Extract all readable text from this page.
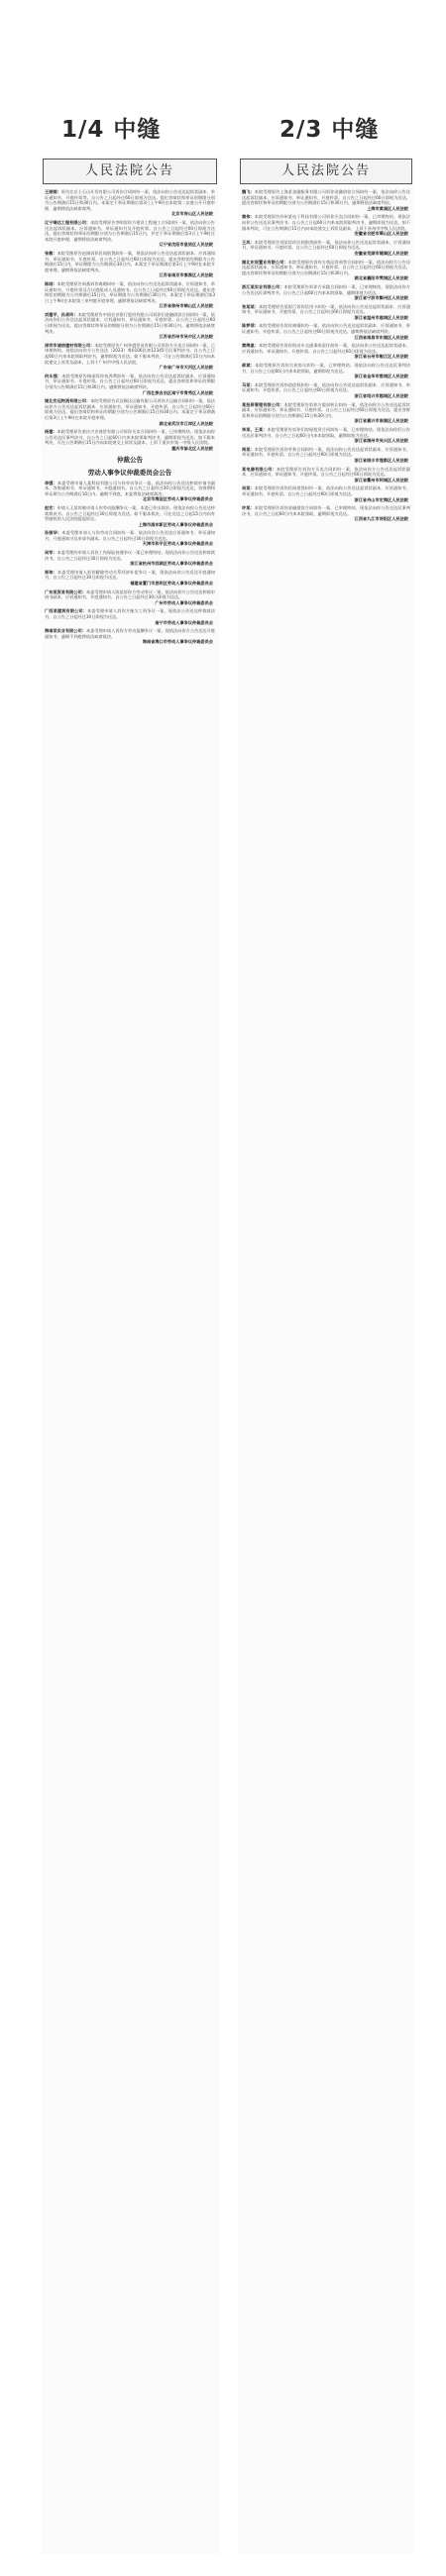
1/4 中缝	2/3 中缝
人民法院公告
王丽娟：原告北京土石山开发有限公司诉你合同纠纷一案，依法向你公告送达起诉状副本、举证通知书、开庭传票等。自公告之日起经过60日即视为送达。提出答辩状和举证的期限分别为公告期满后15日和30日内。本案定于举证期满后第3日上午9时在本院第二法庭公开开庭审理，逾期将依法缺席裁判。
北京市房山区人民法院
辽宁瑞达工程有限公司：本院受理原告李明诉你方建设工程施工合同纠纷一案，依法向你公告送达起诉状副本、应诉通知书、举证通知书及开庭传票。自公告之日起经过60日即视为送达。提出答辩状和举证的期限分别为公告期满后15日内，并定于举证期满后第3日上午9时在本院开庭审理，逾期将依法缺席判决。
辽宁省沈阳市皇姑区人民法院
张敏：本院受理原告赵刚诉你民间借贷纠纷一案，现依法向你公告送达起诉状副本、应诉通知书、举证通知书、开庭传票。自公告之日起经过60日即视为送达。提出答辩状的期限为公告期满后15日内，举证期限为公告期满后30日内。本案定于举证期满后第3日上午9时在本院开庭审理，逾期将依法缺席判决。
江苏省南京市秦淮区人民法院
陈刚：本院受理原告周燕诉你离婚纠纷一案，依法向你公告送达起诉状副本、应诉通知书、举证通知书、开庭传票及合议庭组成人员通知书。自公告之日起经过60日即视为送达。提出答辩状的期限为公告期满后15日内，举证期限为公告期满后30日内。本案定于举证期满后第3日上午9时在本院第三审判庭开庭审理，逾期将依法缺席判决。
江苏省徐州市铜山区人民法院
刘建平、孙美玲：本院受理原告中国农业银行股份有限公司诉你们金融借款合同纠纷一案，依法向你们公告送达起诉状副本、应诉通知书、举证通知书、开庭传票。自公告之日起经过60日即视为送达。提出答辩状和举证的期限分别为公告期满后15日和30日内。逾期将依法缺席判决。
江苏省苏州市吴中区人民法院
深圳市诚信建材有限公司：本院受理原告广州华盛贸易有限公司诉你方买卖合同纠纷一案，已审理终结。现依法向你方公告送达（2023）粤0106民初12345号民事判决书。自公告之日起60日内来本院领取判决书，逾期即视为送达。如不服本判决，可在公告期满后15日内向本院递交上诉状及副本，上诉于广州市中级人民法院。
广东省广州市天河区人民法院
何永强：本院受理原告杨丽诉你抚养费纠纷一案，依法向你公告送达起诉状副本、应诉通知书、举证通知书、开庭传票。自公告之日起经过60日即视为送达。提出答辩状和举证的期限分别为公告期满后15日和30日内。逾期将依法缺席判决。
广西壮族自治区南宁市青秀区人民法院
湖北宏远物流有限公司：本院受理原告武汉顺达运输有限公司诉你方运输合同纠纷一案，依法向你方公告送达起诉状副本、应诉通知书、举证通知书、开庭传票。自公告之日起经过60日即视为送达。提出答辩状和举证的期限分别为公告期满后15日和30日内。本案定于举证期满后第3日上午9时在本院开庭审理。
湖北省武汉市江岸区人民法院
杨建：本院受理原告重庆兴业商贸有限公司诉你买卖合同纠纷一案，已审理终结。现依法向你公告送达民事判决书。自公告之日起60日内来本院领取判决书，逾期即视为送达。如不服本判决，可在公告期满后15日内向本院递交上诉状及副本，上诉于重庆市第一中级人民法院。
重庆市渝北区人民法院
仲裁公告
劳动人事争议仲裁委员会公告
李强：本委受理申请人某科技有限公司与你劳动争议一案，依法向你公告送达仲裁申请书副本、答辩通知书、举证通知书、开庭通知书。自公告之日起经过30日即视为送达，答辩期和举证期为公告期满后10日内。逾期不到庭，本委将依法缺席裁决。
北京市海淀区劳动人事争议仲裁委员会
赵宏：申请人王某诉被申请人你劳动报酬争议一案，本委已作出裁决。现依法向你公告送达仲裁裁决书。自公告之日起经过30日即视为送达。如不服本裁决，可在送达之日起15日内向有管辖权的人民法院提起诉讼。
上海市浦东新区劳动人事争议仲裁委员会
孙丽华：本委受理申请人与你劳动合同纠纷一案，依法向你公告送达应诉通知书、举证通知书、开庭通知书及申请书副本。自公告之日起经过30日即视为送达。
天津市和平区劳动人事争议仲裁委员会
吴军：本委受理的申请人诉你工伤保险待遇争议一案已审理终结，现依法向你公告送达仲裁裁决书，自公告之日起经过30日即视为送达。
浙江省杭州市西湖区劳动人事争议仲裁委员会
郑伟：本委受理申请人诉你解除劳动关系经济补偿争议一案，现依法向你公告送达开庭通知书，自公告之日起经过30日即视为送达。
福建省厦门市思明区劳动人事争议仲裁委员会
广东某贸易有限公司：本委受理申请人陈某诉你方劳动争议一案，依法向你方公告送达仲裁申请书副本、应诉通知书、开庭通知书。自公告之日起经过30日即视为送达。
广州市劳动人事争议仲裁委员会
广西某建筑有限公司：本委受理申请人诉你方拖欠工资争议一案，现依法公告送达仲裁裁决书，自公告之日起经过30日即视为送达。
南宁市劳动人事争议仲裁委员会
海南某实业有限公司：本委受理申请人诉你方劳动报酬争议一案，现依法向你方公告送达开庭通知书，逾期不到庭将依法缺席裁决。
海南省海口市劳动人事争议仲裁委员会
人民法院公告
魏飞：本院受理原告上海某金融服务有限公司诉你金融借款合同纠纷一案，依法向你公告送达起诉状副本、应诉通知书、举证通知书、开庭传票。自公告之日起经过60日即视为送达。提出答辩状和举证的期限分别为公告期满后15日和30日内。逾期将依法缺席判决。
上海市黄浦区人民法院
秦伟：本院受理原告苏州某电子科技有限公司诉你买卖合同纠纷一案，已审理终结。现依法向你公告送达民事判决书。自公告之日起60日内来本院领取判决书，逾期即视为送达。如不服本判决，可在公告期满后15日内向本院递交上诉状及副本，上诉于苏州市中级人民法院。
安徽省合肥市蜀山区人民法院
王凤：本院受理原告刘某诉你民间借贷纠纷一案，依法向你公告送达起诉状副本、应诉通知书、举证通知书、开庭传票。自公告之日起经过60日即视为送达。
安徽省芜湖市镜湖区人民法院
湖北东辰置业有限公司：本院受理原告诉你方商品房预售合同纠纷一案，依法向你方公告送达起诉状副本、应诉通知书、举证通知书、开庭传票。自公告之日起经过60日即视为送达。提出答辩状和举证的期限分别为公告期满后15日和30日内。
湖北省襄阳市樊城区人民法院
浙江某实业有限公司：本院受理原告诉你方承揽合同纠纷一案，已审理终结。现依法向你方公告送达民事判决书，自公告之日起60日内来本院领取，逾期即视为送达。
浙江省宁波市鄞州区人民法院
张某某：本院受理原告某银行诉你信用卡纠纷一案，依法向你公告送达起诉状副本、应诉通知书、举证通知书、开庭传票。自公告之日起经过60日即视为送达。
浙江省温州市鹿城区人民法院
陈梦菲：本院受理原告诉你离婚纠纷一案，依法向你公告送达起诉状副本、应诉通知书、举证通知书、开庭传票。自公告之日起经过60日即视为送达。逾期将依法缺席判决。
江西省南昌市东湖区人民法院
黄海星：本院受理原告诉你机动车交通事故责任纠纷一案，依法向你公告送达起诉状副本、应诉通知书、举证通知书、开庭传票。自公告之日起经过60日即视为送达。
浙江省台州市椒江区人民法院
郝斌：本院受理原告诉你合伙协议纠纷一案，已审理终结。现依法向你公告送达民事判决书，自公告之日起60日内来本院领取，逾期即视为送达。
浙江省金华市婺城区人民法院
马某：本院受理原告诉你追偿权纠纷一案，依法向你公告送达起诉状副本、应诉通知书、举证通知书、开庭传票。自公告之日起经过60日即视为送达。
浙江省绍兴市越城区人民法院
某投资管理有限公司：本院受理原告诉你方股权转让纠纷一案，依法向你方公告送达起诉状副本、应诉通知书、举证通知书、开庭传票。自公告之日起经过60日即视为送达。提出答辩状和举证的期限分别为公告期满后15日和30日内。
浙江省嘉兴市南湖区人民法院
李某、王某：本院受理原告诉你们房屋租赁合同纠纷一案，已审理终结。现依法向你们公告送达民事判决书，自公告之日起60日内来本院领取，逾期即视为送达。
浙江省湖州市吴兴区人民法院
周某：本院受理原告诉你劳务合同纠纷一案，依法向你公告送达起诉状副本、应诉通知书、举证通知书、开庭传票。自公告之日起经过60日即视为送达。
浙江省丽水市莲都区人民法院
某电器有限公司：本院受理原告诉你方买卖合同纠纷一案，依法向你方公告送达起诉状副本、应诉通知书、举证通知书、开庭传票。自公告之日起经过60日即视为送达。
浙江省衢州市柯城区人民法院
吴某：本院受理原告诉你民间借贷纠纷一案，依法向你公告送达起诉状副本、应诉通知书、举证通知书、开庭传票。自公告之日起经过60日即视为送达。
浙江省舟山市定海区人民法院
许某：本院受理原告诉你金融借款合同纠纷一案，已审理终结，现依法向你公告送达民事判决书，自公告之日起60日内来本院领取，逾期即视为送达。
江西省九江市浔阳区人民法院
